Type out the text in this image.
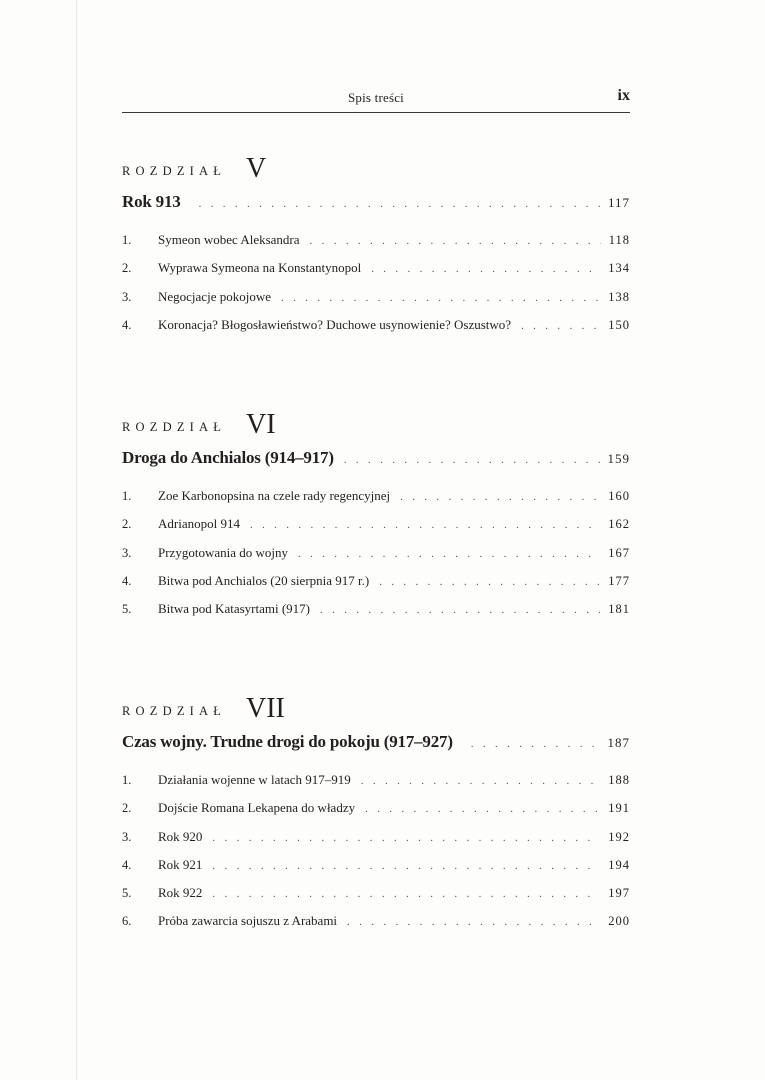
Spis treści	ix
ROZDZIAŁ V
Rok 913 . . .	117
1.	Symeon wobec Aleksandra . . .	118
2.	Wyprawa Symeona na Konstantynopol . . .	134
3.	Negocjacje pokojowe . . .	138
4.	Koronacja? Błogosławieństwo? Duchowe usynowienie? Oszustwo? . . .	150
ROZDZIAŁ VI
Droga do Anchialos (914–917) . . .	159
1.	Zoe Karbonopsina na czele rady regencyjnej . . .	160
2.	Adrianopol 914 . . .	162
3.	Przygotowania do wojny . . .	167
4.	Bitwa pod Anchialos (20 sierpnia 917 r.) . . .	177
5.	Bitwa pod Katasyrtami (917) . . .	181
ROZDZIAŁ VII
Czas wojny. Trudne drogi do pokoju (917–927) . . .	187
1.	Działania wojenne w latach 917–919 . . .	188
2.	Dojście Romana Lekapena do władzy . . .	191
3.	Rok 920 . . .	192
4.	Rok 921 . . .	194
5.	Rok 922 . . .	197
6.	Próba zawarcia sojuszu z Arabami . . .	200
